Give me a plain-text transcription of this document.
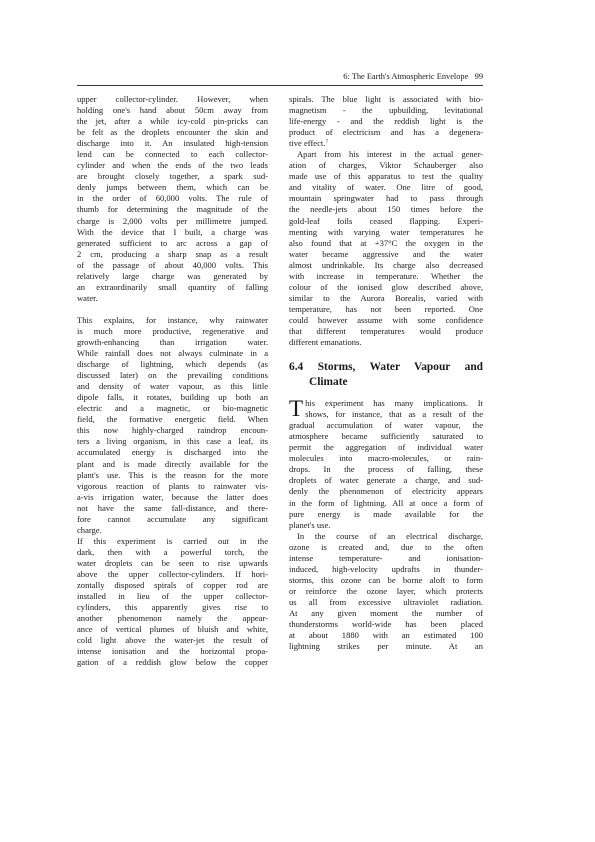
6: The Earth's Atmospheric Envelope 99

upper collector-cylinder. However, when
holding one's hand about 50cm away from
the jet, after a while icy-cold pin-pricks can
be felt as the droplets encounter the skin and
discharge into it. An insulated high-tension
lend can be connected to each collector-
cylinder and when the ends of the two leads
are brought closely together, a spark sud-
denly jumps between them, which can be
in the order of 60,000 volts. The rule of
thumb for determining the magnitude of the
charge is 2,000 volts per millimetre jumped.
With the device that I built, a charge was
generated sufficient to arc across a gap of
2 cm, producing a sharp snap as a result
of the passage of about 40,000 volts. This
relatively large charge was generated by
an extraordinarily small quantity of falling
water.

This explains, for instance, why rainwater
is much more productive, regenerative and
growth-enhancing than irrigation water.
While rainfall does not always culminate in a
discharge of lightning, which depends (as
discussed later) on the prevailing conditions
and density of water vapour, as this little
dipole falls, it rotates, building up both an
electric and a magnetic, or bio-magnetic
field, the formative energetic field. When
this now highly-charged raindrop encoun-
ters a living organism, in this case a leaf, its
accumulated energy is discharged into the
plant and is made directly available for the
plant's use. This is the reason for the more
vigorous reaction of plants to rainwater vis-
a-vis irrigation water, because the latter does
not have the same fall-distance, and there-
fore cannot accumulate any significant
charge.

If this experiment is carried out in the
dark, then with a powerful torch, the
water droplets can be seen to rise upwards
above the upper collector-cylinders. If hori-
zontally disposed spirals of copper rod are
installed in lieu of the upper collector-
cylinders, this apparently gives rise to
another phenomenon namely the appear-
ance of vertical plumes of bluish and white,
cold light above the water-jet the result of
intense ionisation and the horizontal propa-
gation of a reddish glow below the copper

spirals. The blue light is associated with bio-
magnetism - the upbuilding, levitational
life-energy - and the reddish light is the
product of electricism and has a degenera-
tive effect.$^7$

Apart from his interest in the actual gener-
ation of charges, Viktor Schauberger also
made use of this apparatus to test the quality
and vitality of water. One litre of good,
mountain springwater had to pass through
the needle-jets about 150 times before the
gold-leaf foils ceased flapping. Experi-
menting with varying water temperatures he
also found that at +37°C the oxygen in the
water became aggressive and the water
almost undrinkable. Its charge also decreased
with increase in temperature. Whether the
colour of the ionised glow described above,
similar to the Aurora Borealis, varied with
temperature, has not been reported. One
could however assume with some confidence
that different temperatures would produce
different emanations.

6.4 Storms, Water Vapour and
Climate

T his experiment has many implications. It
shows, for instance, that as a result of the
gradual accumulation of water vapour, the
atmosphere became sufficiently saturated to
permit the aggregation of individual water
molecules into macro-molecules, or rain-
drops. In the process of falling, these
droplets of water generate a charge, and sud-
denly the phenomenon of electricity appears
in the form of lightning. All at once a form of
pure energy is made available for the
planet's use.

In the course of an electrical discharge,
ozone is created and, due to the often
intense temperature- and ionisation-
induced, high-velocity updrafts in thunder-
storms, this ozone can be borne aloft to form
or reinforce the ozone layer, which protects
us all from excessive ultraviolet radiation.
At any given moment the number of
thunderstorms world-wide has been placed
at about 1880 with an estimated 100
lightning strikes per minute. At an
